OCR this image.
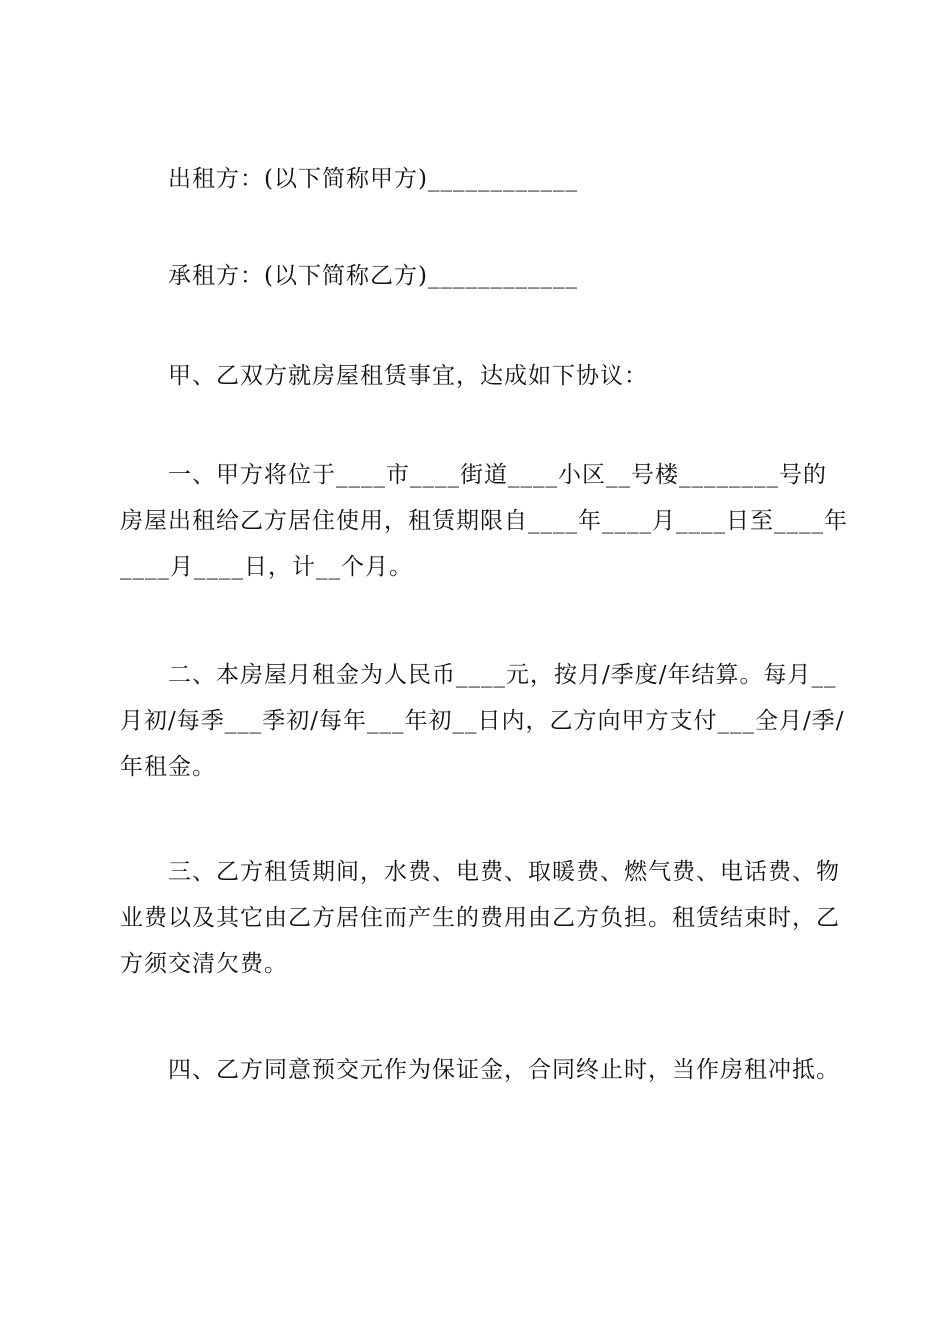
出租方：(以下简称甲方)____________

承租方：(以下简称乙方)____________

甲、乙双方就房屋租赁事宜，达成如下协议：

一、甲方将位于____市____街道____小区__号楼________号的房屋出租给乙方居住使用，租赁期限自____年____月____日至____年____月____日，计__个月。

二、本房屋月租金为人民币____元，按月/季度/年结算。每月__月初/每季___季初/每年___年初__日内，乙方向甲方支付___全月/季/年租金。

三、乙方租赁期间，水费、电费、取暖费、燃气费、电话费、物业费以及其它由乙方居住而产生的费用由乙方负担。租赁结束时，乙方须交清欠费。

四、乙方同意预交元作为保证金，合同终止时，当作房租冲抵。
